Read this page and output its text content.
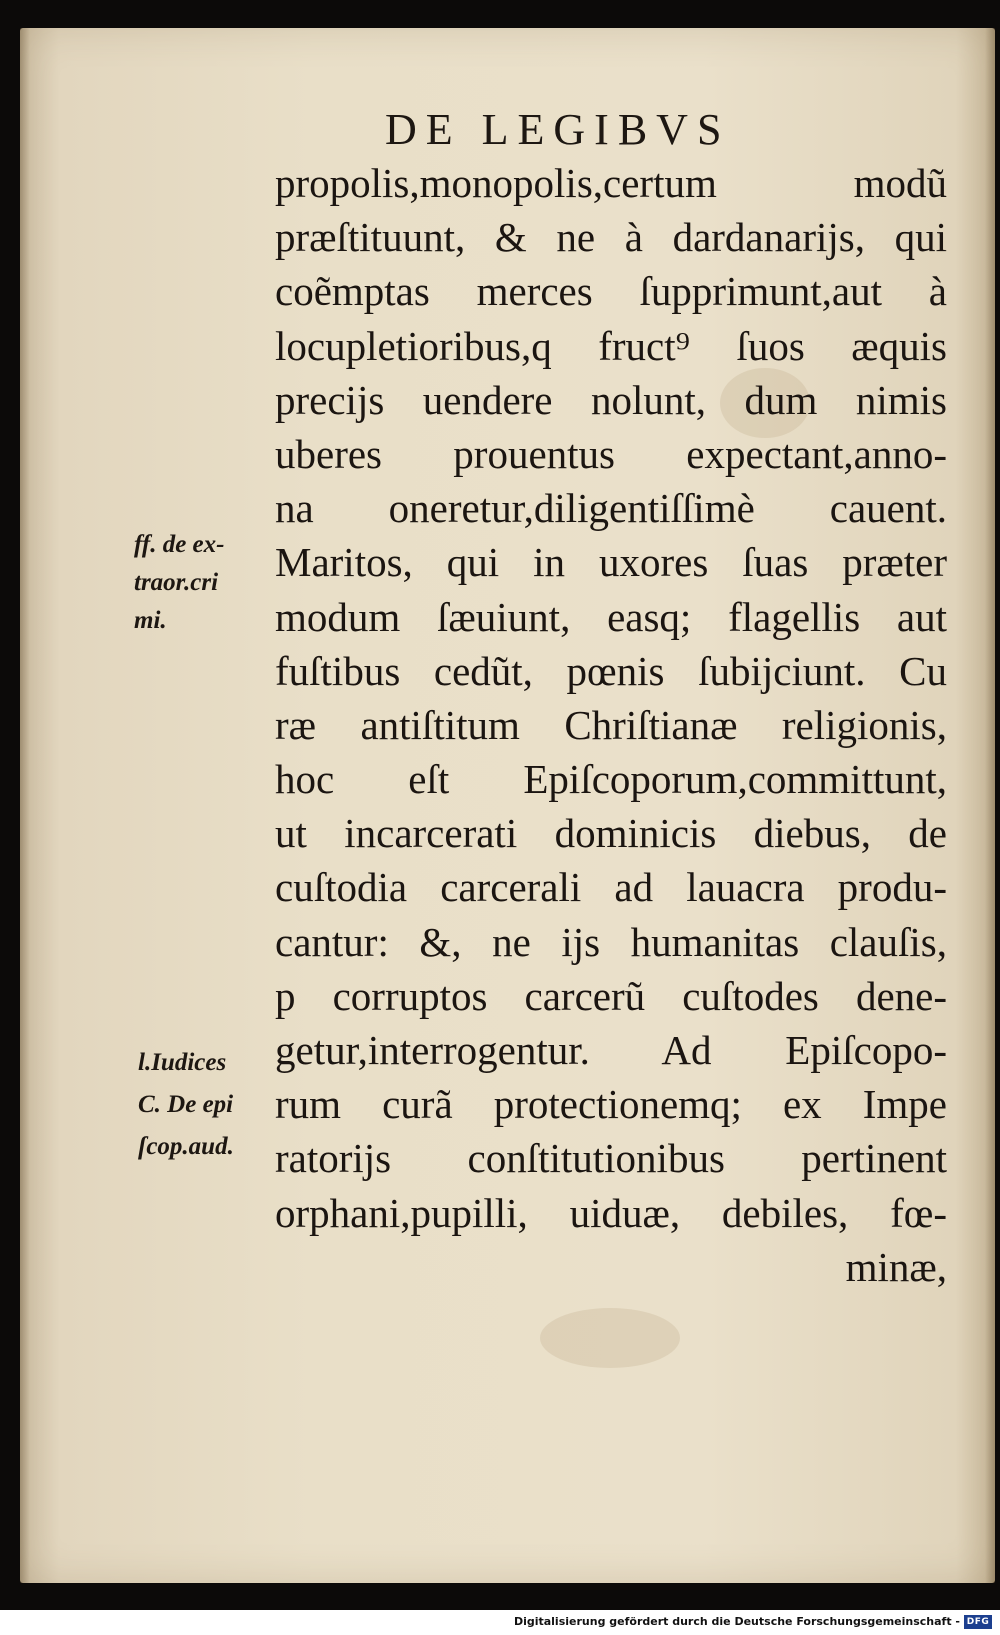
DE LEGIBVS
propolis,monopolis,certum modũ
præſtituunt, & ne à dardanarijs, qui
coẽmptas merces ſupprimunt,aut à
locupletioribus,q fruct⁹ ſuos æquis
precijs uendere nolunt, dum nimis
uberes prouentus expectant,anno-
na oneretur,diligentiſſimè cauent.
Maritos, qui in uxores ſuas præter
modum ſæuiunt, easq; flagellis aut
fuſtibus cedũt, pœnis ſubijciunt. Cu
ræ antiſtitum Chriſtianæ religionis,
hoc eſt Epiſcoporum,committunt,
ut incarcerati dominicis diebus, de
cuſtodia carcerali ad lauacra produ-
cantur: &, ne ijs humanitas clauſis,
p corruptos carcerũ cuſtodes dene-
getur,interrogentur. Ad Epiſcopo-
rum curã protectionemq; ex Impe
ratorijs conſtitutionibus pertinent
orphani,pupilli, uiduæ, debiles, fœ-
minæ,
ff. de ex-
traor.cri
mi.
l.Iudices
C. De epi
ſcop.aud.
Digitalisierung gefördert durch die Deutsche Forschungsgemeinschaft - DFG
